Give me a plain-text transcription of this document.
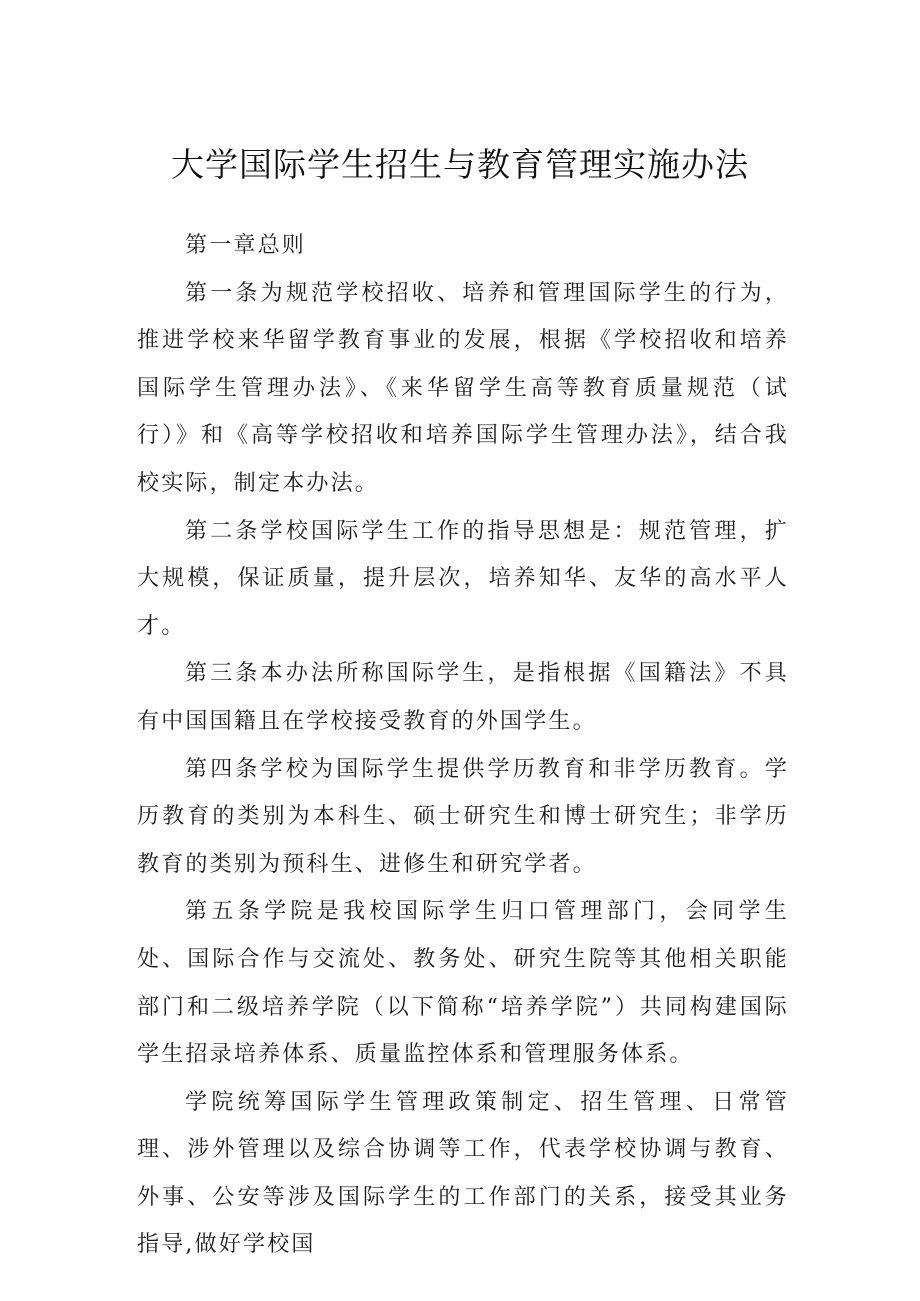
大学国际学生招生与教育管理实施办法

第一章总则

第一条为规范学校招收、培养和管理国际学生的行为，推进学校来华留学教育事业的发展，根据《学校招收和培养国际学生管理办法》、《来华留学生高等教育质量规范（试行）》和《高等学校招收和培养国际学生管理办法》，结合我校实际，制定本办法。

第二条学校国际学生工作的指导思想是：规范管理，扩大规模，保证质量，提升层次，培养知华、友华的高水平人才。

第三条本办法所称国际学生，是指根据《国籍法》不具有中国国籍且在学校接受教育的外国学生。

第四条学校为国际学生提供学历教育和非学历教育。学历教育的类别为本科生、硕士研究生和博士研究生；非学历教育的类别为预科生、进修生和研究学者。

第五条学院是我校国际学生归口管理部门，会同学生处、国际合作与交流处、教务处、研究生院等其他相关职能部门和二级培养学院（以下简称“培养学院”）共同构建国际学生招录培养体系、质量监控体系和管理服务体系。

学院统筹国际学生管理政策制定、招生管理、日常管理、涉外管理以及综合协调等工作，代表学校协调与教育、外事、公安等涉及国际学生的工作部门的关系，接受其业务指导,做好学校国
